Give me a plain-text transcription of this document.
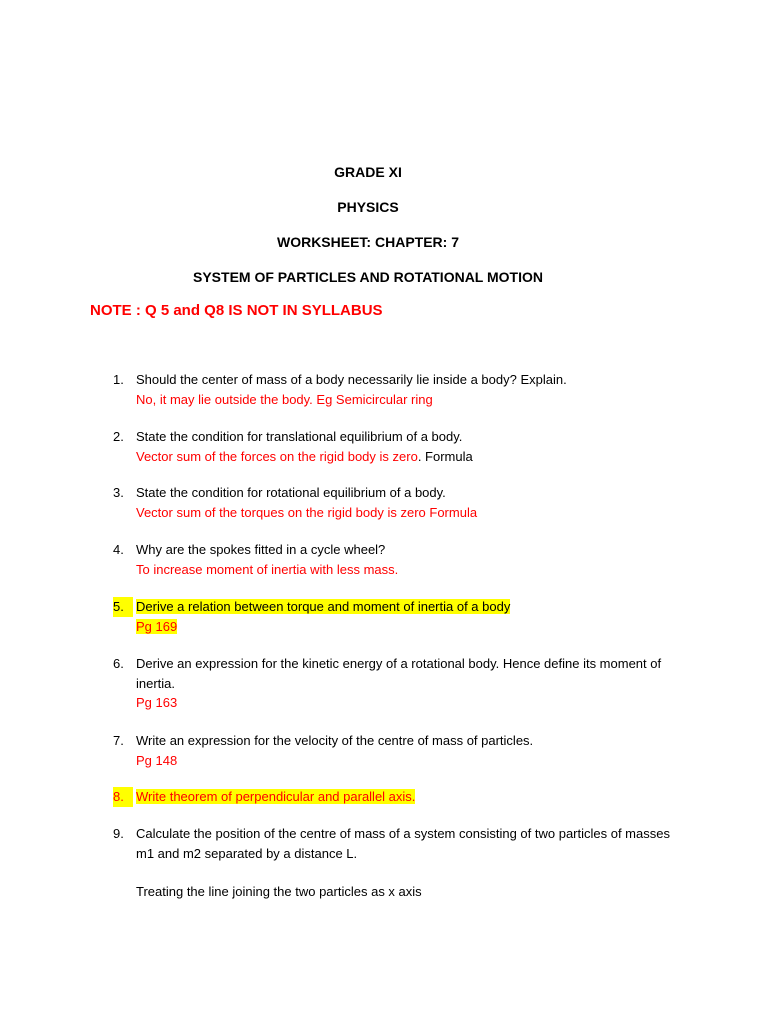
GRADE XI
PHYSICS
WORKSHEET: CHAPTER: 7
SYSTEM OF PARTICLES AND ROTATIONAL MOTION
NOTE : Q 5 and Q8 IS NOT IN SYLLABUS
1. Should the center of mass of a body necessarily lie inside a body? Explain.
No, it may lie outside the body. Eg Semicircular ring
2. State the condition for translational equilibrium of a body.
Vector sum of the forces on the rigid body is zero. Formula
3. State the condition for rotational equilibrium of a body.
Vector sum of the torques on the rigid body is zero Formula
4. Why are the spokes fitted in a cycle wheel?
To increase moment of inertia with less mass.
5. Derive a relation between torque and moment of inertia of a body
Pg 169
6. Derive an expression for the kinetic energy of a rotational body. Hence define its moment of inertia.
Pg 163
7. Write an expression for the velocity of the centre of mass of particles.
Pg 148
8. Write theorem of perpendicular and parallel axis.
9. Calculate the position of the centre of mass of a system consisting of two particles of masses m1 and m2 separated by a distance L.
Treating the line joining the two particles as x axis
